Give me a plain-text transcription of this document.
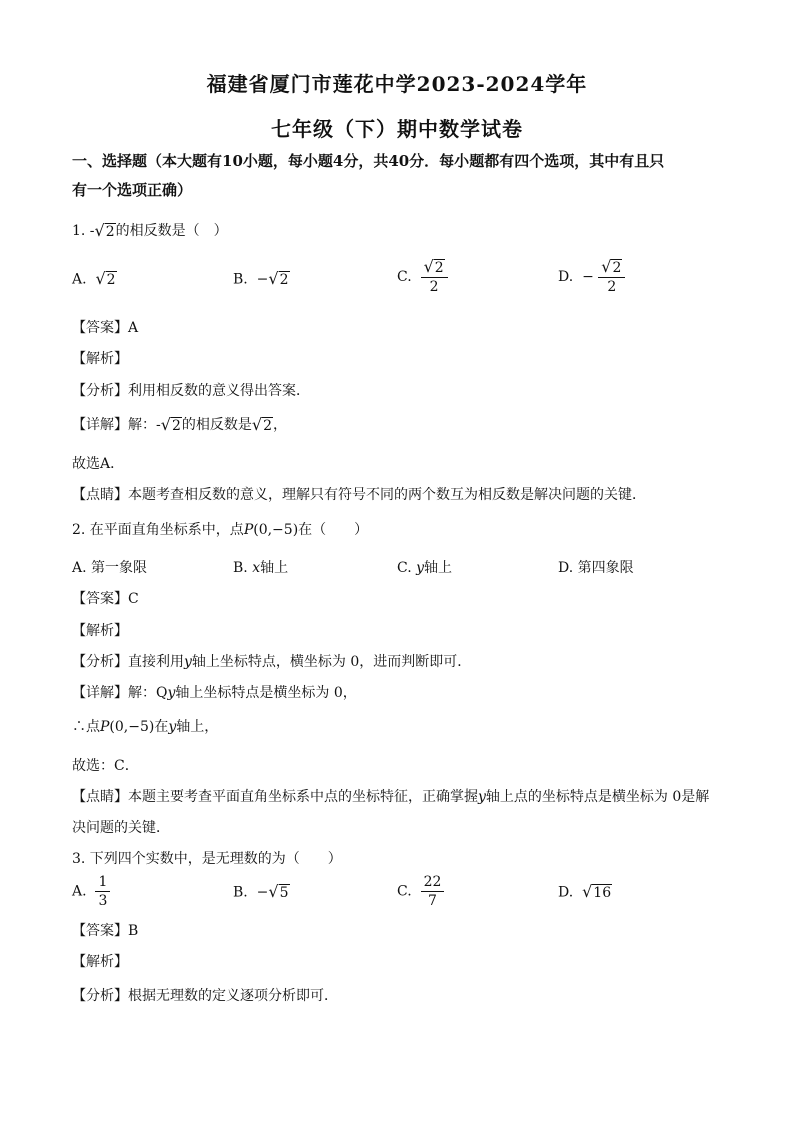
福建省厦门市莲花中学2023-2024学年
七年级（下）期中数学试卷
一、选择题（本大题有10小题，每小题4分，共40分．每小题都有四个选项，其中有且只
有一个选项正确）
1. - √ 2 的相反数是（　）
A. √ 2	B. − √ 2	C. $\frac{√ 2}{2}$	D. − $\frac{√ 2}{2}$
【答案】A
【解析】
【分析】利用相反数的意义得出答案．
【详解】解：- √ 2 的相反数是 √ 2 ，
故选A．
【点睛】本题考查相反数的意义，理解只有符号不同的两个数互为相反数是解决问题的关键．
2. 在平面直角坐标系中，点P(0,−5)在（　　）
A. 第一象限	B. x轴上	C. y轴上	D. 第四象限
【答案】C
【解析】
【分析】直接利用y轴上坐标特点，横坐标为 0，进而判断即可．
【详解】解：Qy轴上坐标特点是横坐标为 0，
∴点P(0,−5)在y轴上，
故选：C．
【点睛】本题主要考查平面直角坐标系中点的坐标特征，正确掌握y轴上点的坐标特点是横坐标为 0是解
决问题的关键．
3. 下列四个实数中，是无理数的为（　　）
A. $\frac{1}{3}$	B. − √ 5	C. $\frac{22}{7}$	D. √ 16
【答案】B
【解析】
【分析】根据无理数的定义逐项分析即可．
